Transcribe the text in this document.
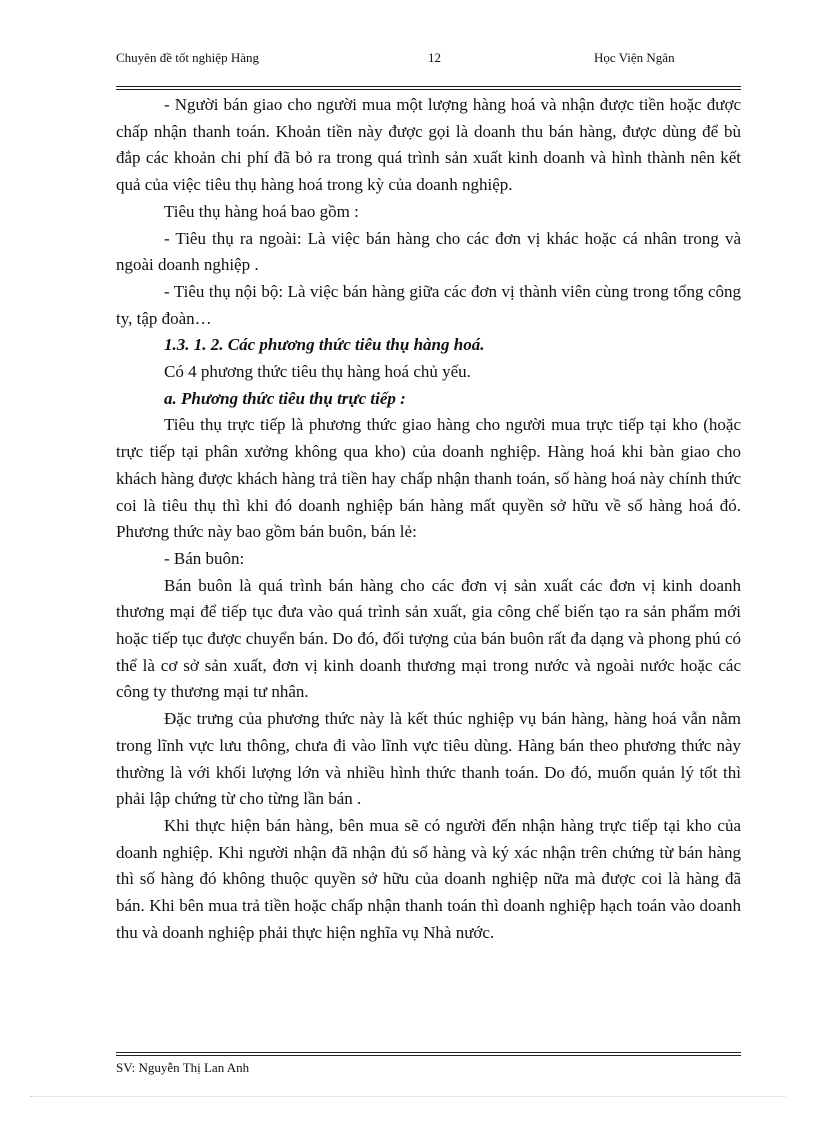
Chuyên đề tốt nghiệp Hàng	12	Học Viện Ngân

- Người bán giao cho người mua một lượng hàng hoá và nhận được tiền hoặc được chấp nhận thanh toán. Khoản tiền này được gọi là doanh thu bán hàng, được dùng để bù đắp các khoản chi phí đã bỏ ra trong quá trình sản xuất kinh doanh và hình thành nên kết quả của việc tiêu thụ hàng hoá trong kỳ của doanh nghiệp.

Tiêu thụ hàng hoá bao gồm :

- Tiêu thụ ra ngoài: Là việc bán hàng cho các đơn vị khác hoặc cá nhân trong và ngoài doanh nghiệp .

- Tiêu thụ nội bộ: Là việc bán hàng giữa các đơn vị thành viên cùng trong tổng công ty, tập đoàn…

1.3. 1. 2. Các phương thức tiêu thụ hàng hoá.

Có 4 phương thức tiêu thụ hàng hoá chủ yếu.

a. Phương thức tiêu thụ trực tiếp :

Tiêu thụ trực tiếp là phương thức giao hàng cho người mua trực tiếp tại kho (hoặc trực tiếp tại phân xưởng không qua kho) của doanh nghiệp. Hàng hoá khi bàn giao cho khách hàng được khách hàng trả tiền hay chấp nhận thanh toán, số hàng hoá này chính thức coi là tiêu thụ thì khi đó doanh nghiệp bán hàng mất quyền sở hữu về số hàng hoá đó. Phương thức này bao gồm bán buôn, bán lẻ:

- Bán buôn:

Bán buôn là quá trình bán hàng cho các đơn vị sản xuất các đơn vị kinh doanh thương mại để tiếp tục đưa vào quá trình sản xuất, gia công chế biến tạo ra sản phẩm mới hoặc tiếp tục được chuyển bán. Do đó, đối tượng của bán buôn rất đa dạng và phong phú có thể là cơ sở sản xuất, đơn vị kinh doanh thương mại trong nước và ngoài nước hoặc các công ty thương mại tư nhân.

Đặc trưng của phương thức này là kết thúc nghiệp vụ bán hàng, hàng hoá vẫn nằm trong lĩnh vực lưu thông, chưa đi vào lĩnh vực tiêu dùng. Hàng bán theo phương thức này thường là với khối lượng lớn và nhiều hình thức thanh toán. Do đó, muốn quản lý tốt thì phải lập chứng từ cho từng lần bán .

Khi thực hiện bán hàng, bên mua sẽ có người đến nhận hàng trực tiếp tại kho của doanh nghiệp. Khi người nhận đã nhận đủ số hàng và ký xác nhận trên chứng từ bán hàng thì số hàng đó không thuộc quyền sở hữu của doanh nghiệp nữa mà được coi là hàng đã bán. Khi bên mua trả tiền hoặc chấp nhận thanh toán thì doanh nghiệp hạch toán vào doanh thu và doanh nghiệp phải thực hiện nghĩa vụ Nhà nước.

SV: Nguyễn Thị Lan Anh
